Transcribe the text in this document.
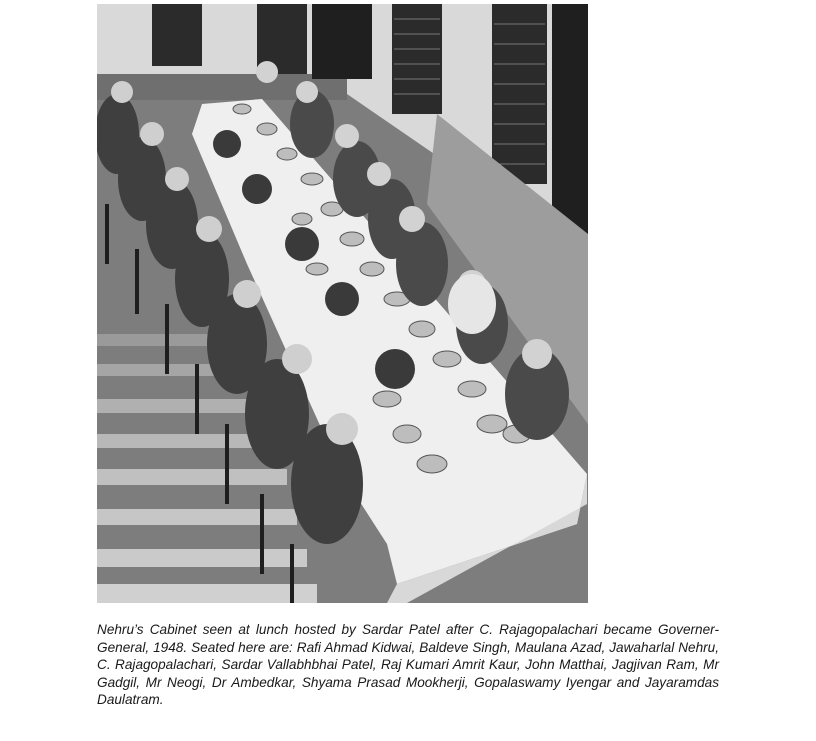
Nehru’s Cabinet seen at lunch hosted by Sardar Patel after C. Rajagopalachari became Governer-General, 1948. Seated here are: Rafi Ahmad Kidwai, Baldeve Singh, Maulana Azad, Jawaharlal Nehru, C. Rajagopalachari, Sardar Vallabhbhai Patel, Raj Kumari Amrit Kaur, John Matthai, Jagjivan Ram, Mr Gadgil, Mr Neogi, Dr Ambedkar, Shyama Prasad Mookherji, Gopalaswamy Iyengar and Jayaramdas Daulatram.
